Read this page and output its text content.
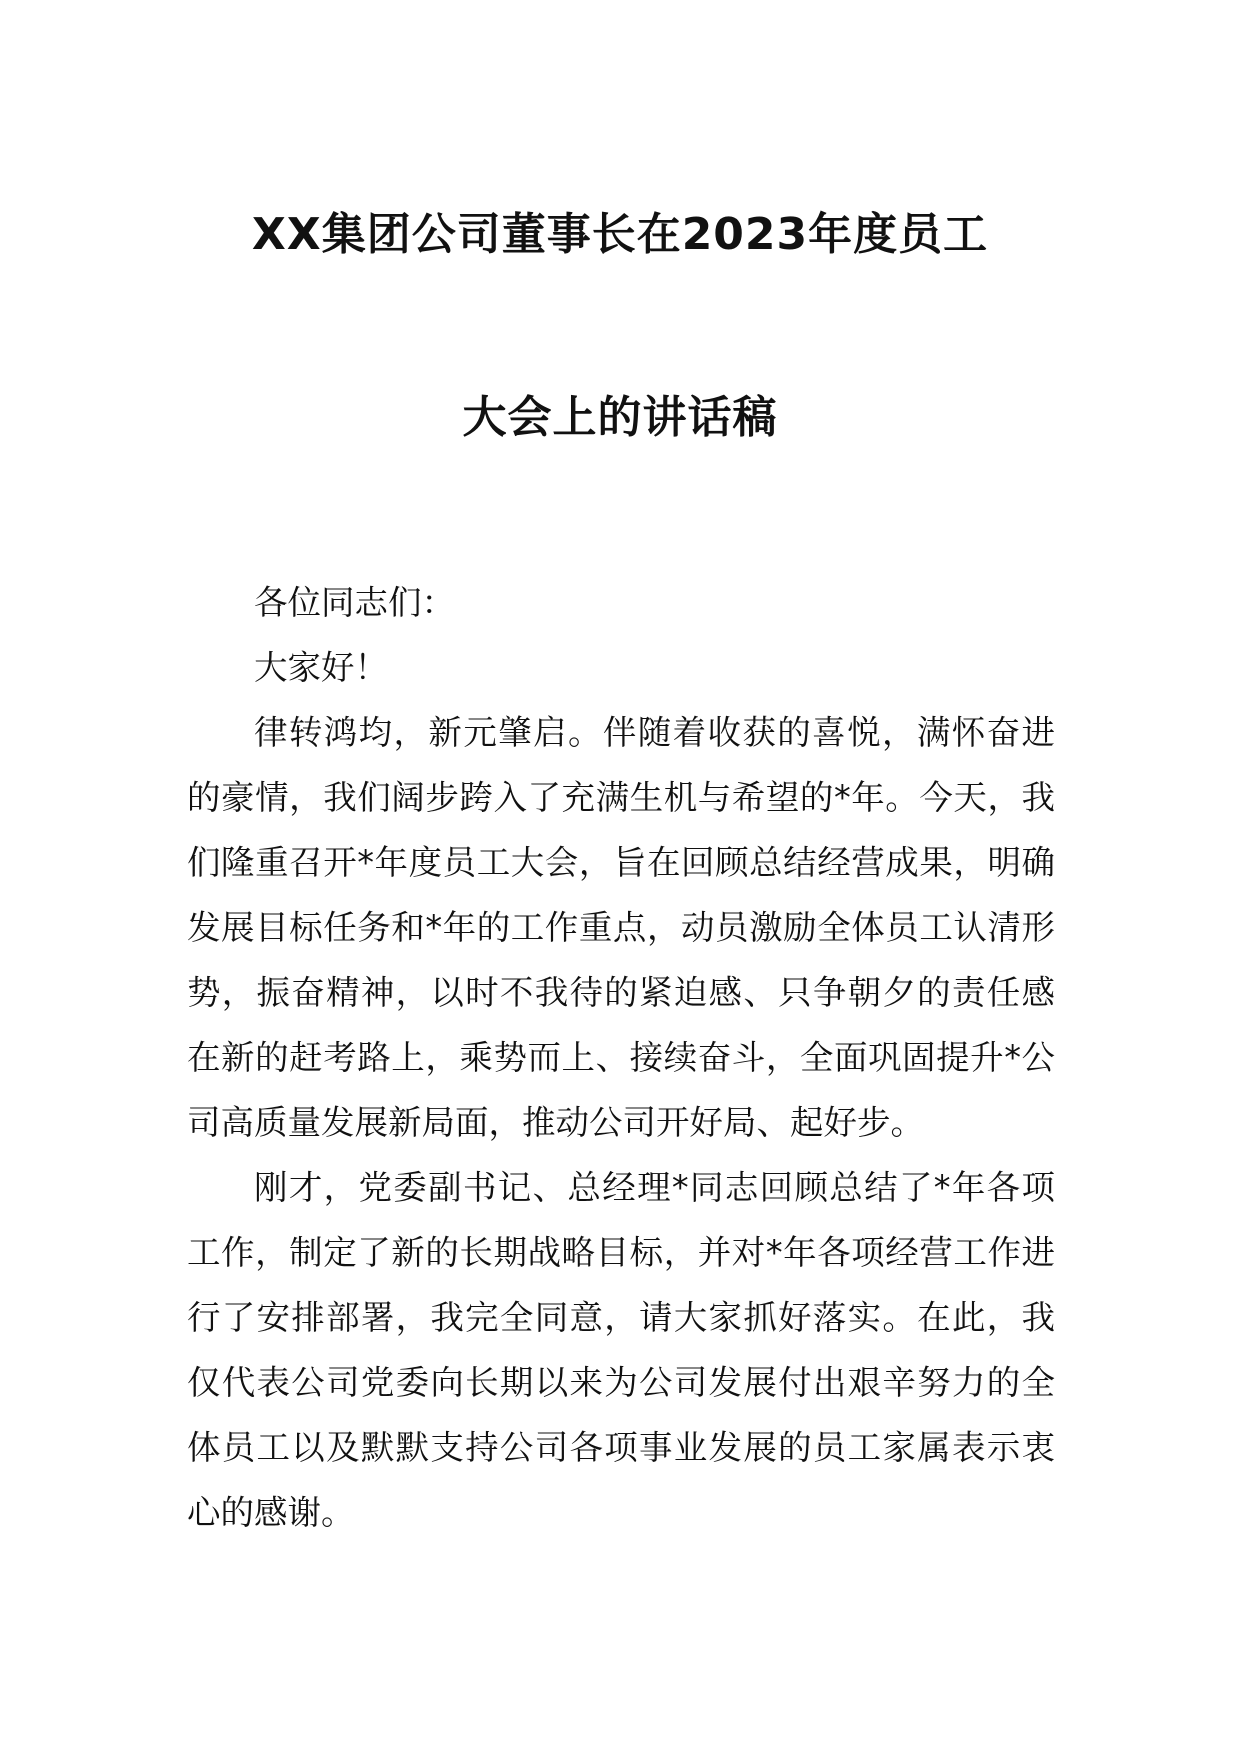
XX集团公司董事长在2023年度员工
大会上的讲话稿

各位同志们：

大家好！

律转鸿均，新元肇启。伴随着收获的喜悦，满怀奋进的豪情，我们阔步跨入了充满生机与希望的*年。今天，我们隆重召开*年度员工大会，旨在回顾总结经营成果，明确发展目标任务和*年的工作重点，动员激励全体员工认清形势，振奋精神，以时不我待的紧迫感、只争朝夕的责任感在新的赶考路上，乘势而上、接续奋斗，全面巩固提升*公司高质量发展新局面，推动公司开好局、起好步。

刚才，党委副书记、总经理*同志回顾总结了*年各项工作，制定了新的长期战略目标，并对*年各项经营工作进行了安排部署，我完全同意，请大家抓好落实。在此，我仅代表公司党委向长期以来为公司发展付出艰辛努力的全体员工以及默默支持公司各项事业发展的员工家属表示衷心的感谢。
